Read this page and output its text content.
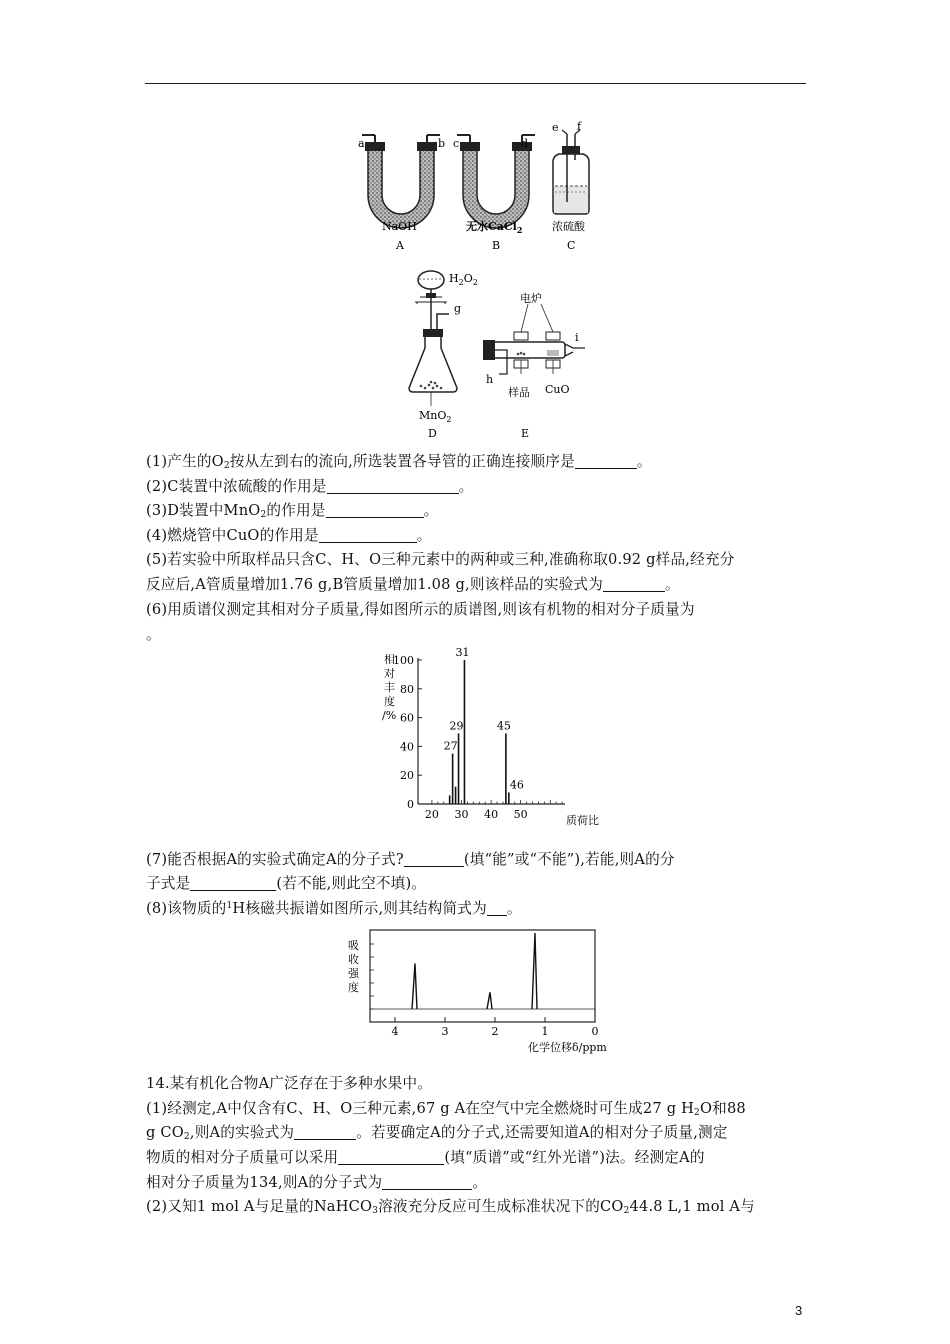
a	b
NaOH
A
c	d
无水CaCl$_2$
B
e f
浓硫酸
C
$H_2O_2$
g
MnO$_2$
D
电炉
h
i
样品 CuO
E
(1)产生的$O_2$按从左到右的流向,所选装置各导管的正确连接顺序是	。
(2)C装置中浓硫酸的作用是	。
(3)D装置中MnO$_2$的作用是	。
(4)燃烧管中CuO的作用是	。
(5)若实验中所取样品只含C、H、O三种元素中的两种或三种,准确称取0.92 g样品,经充分
反应后,A管质量增加1.76 g,B管质量增加1.08 g,则该样品的实验式为	。
(6)用质谱仪测定其相对分子质量,得如图所示的质谱图,则该有机物的相对分子质量为
。
相
对
丰
度
/%
质荷比
0
20
40
60
80
100
20 30 40 50
27
29
31
45
46
(7)能否根据A的实验式确定A的分子式?	(填“能”或“不能”),若能,则A的分
子式是	(若不能,则此空不填)。
(8)该物质的$^1$H核磁共振谱如图所示,则其结构简式为 。
吸
收
强
度
化学位移δ/ppm
4	3	2	1	0
14.某有机化合物A广泛存在于多种水果中。
(1)经测定,A中仅含有C、H、O三种元素,67 g A在空气中完全燃烧时可生成27 g $H_2O$和88
g $CO_2$,则A的实验式为	。若要确定A的分子式,还需要知道A的相对分子质量,测定
物质的相对分子质量可以采用	(填“质谱”或“红外光谱”)法。经测定A的
相对分子质量为134,则A的分子式为	。
(2)又知1 mol A与足量的NaHCO$_3$溶液充分反应可生成标准状况下的$CO_244.8$ L,1 mol A与
3
